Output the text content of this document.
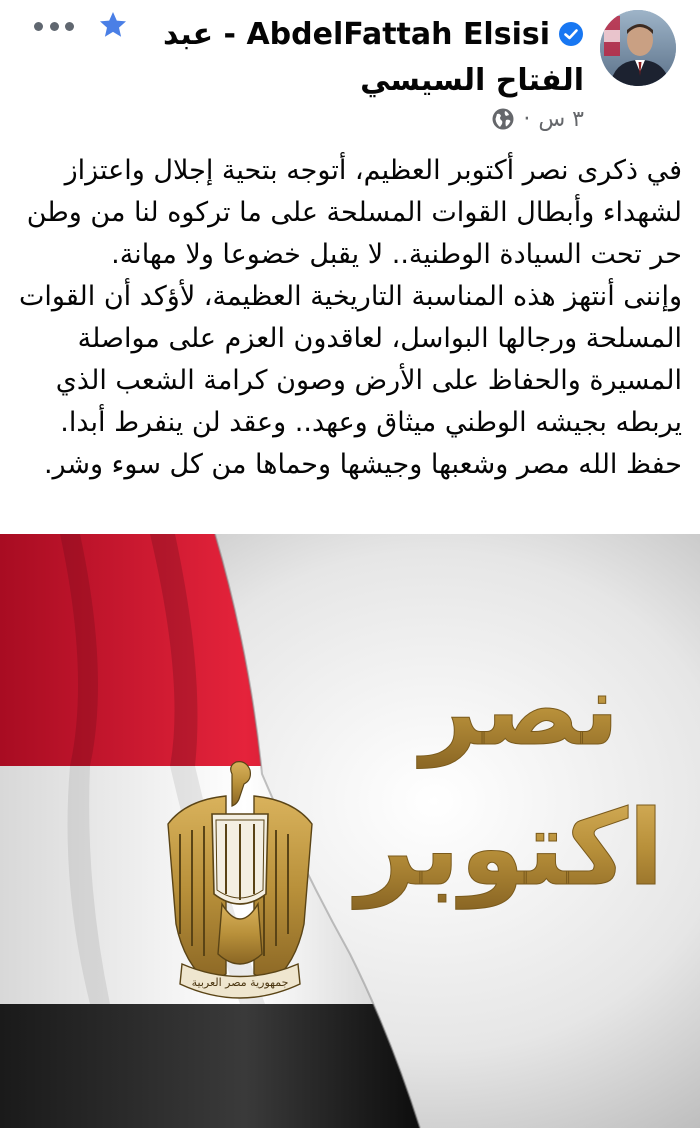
AbdelFattah Elsisi - عبد الفتاح السيسي
٣ س
·

في ذكرى نصر أكتوبر العظيم، أتوجه بتحية إجلال واعتزاز لشهداء وأبطال القوات المسلحة على ما تركوه لنا من وطن حر تحت السيادة الوطنية.. لا يقبل خضوعا ولا مهانة.

وإننى أنتهز هذه المناسبة التاريخية العظيمة، لأؤكد أن القوات المسلحة ورجالها البواسل، لعاقدون العزم على مواصلة المسيرة والحفاظ على الأرض وصون كرامة الشعب الذي يربطه بجيشه الوطني ميثاق وعهد.. وعقد لن ينفرط أبدا.

حفظ الله مصر وشعبها وجيشها وحماها من كل سوء وشر.

جمهورية مصر العربية
نصر
اكتوبر
